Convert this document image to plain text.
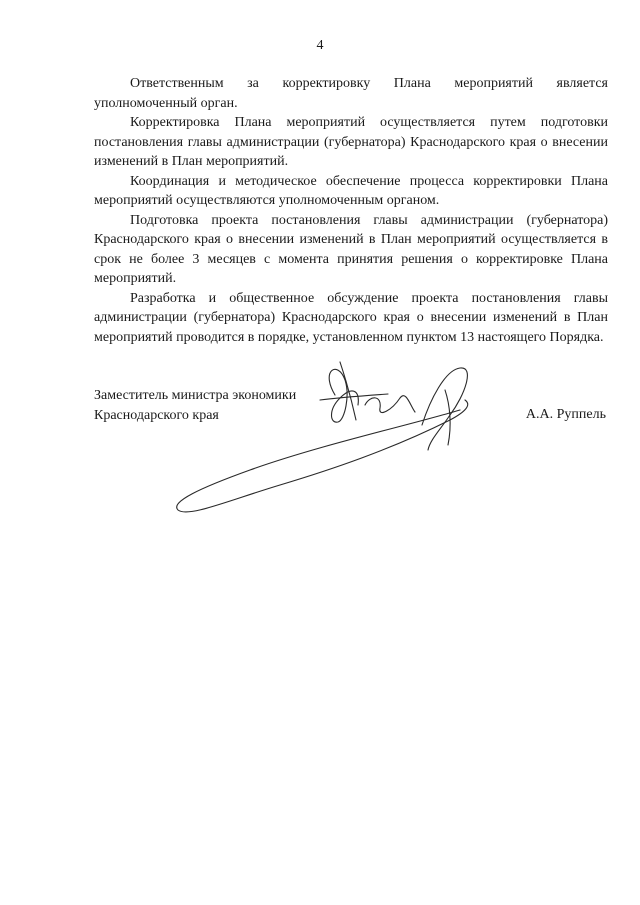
4

Ответственным за корректировку Плана мероприятий является уполномоченный орган.

Корректировка Плана мероприятий осуществляется путем подготовки постановления главы администрации (губернатора) Краснодарского края о внесении изменений в План мероприятий.

Координация и методическое обеспечение процесса корректировки Плана мероприятий осуществляются уполномоченным органом.

Подготовка проекта постановления главы администрации (губернатора) Краснодарского края о внесении изменений в План мероприятий осуществляется в срок не более 3 месяцев с момента принятия решения о корректировке Плана мероприятий.

Разработка и общественное обсуждение проекта постановления главы администрации (губернатора) Краснодарского края о внесении изменений в План мероприятий проводится в порядке, установленном пунктом 13 настоящего Порядка.

Заместитель министра экономики
Краснодарского края	А.А. Руппель
